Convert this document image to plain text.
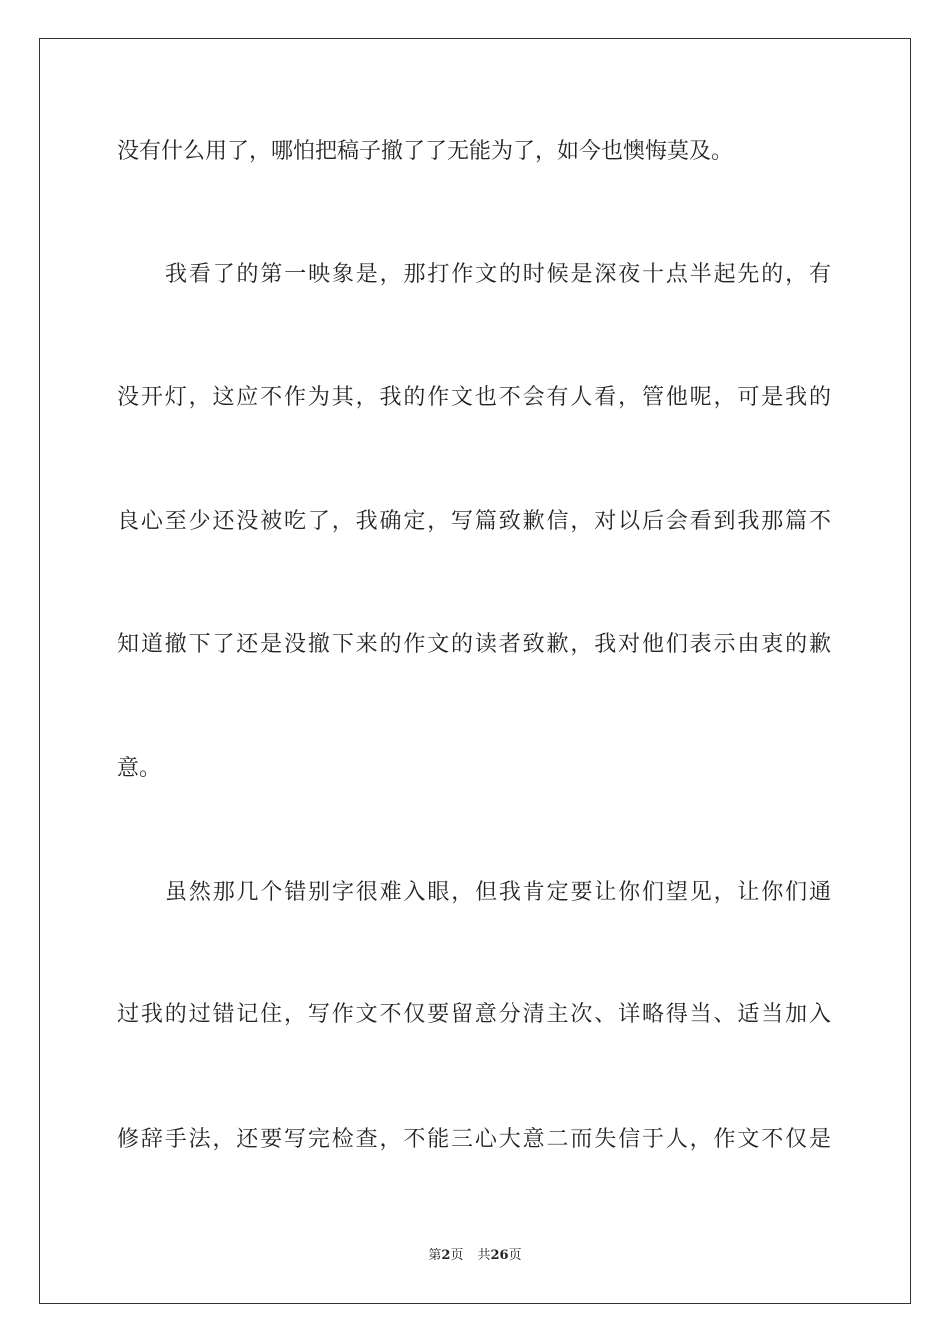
没有什么用了，哪怕把稿子撤了了无能为了，如今也懊悔莫及。
我看了的第一映象是，那打作文的时候是深夜十点半起先的，有
没开灯，这应不作为其，我的作文也不会有人看，管他呢，可是我的
良心至少还没被吃了，我确定，写篇致歉信，对以后会看到我那篇不
知道撤下了还是没撤下来的作文的读者致歉，我对他们表示由衷的歉
意。
虽然那几个错别字很难入眼，但我肯定要让你们望见，让你们通
过我的过错记住，写作文不仅要留意分清主次、详略得当、适当加入
修辞手法，还要写完检查，不能三心大意二而失信于人，作文不仅是
第2页 共26页
